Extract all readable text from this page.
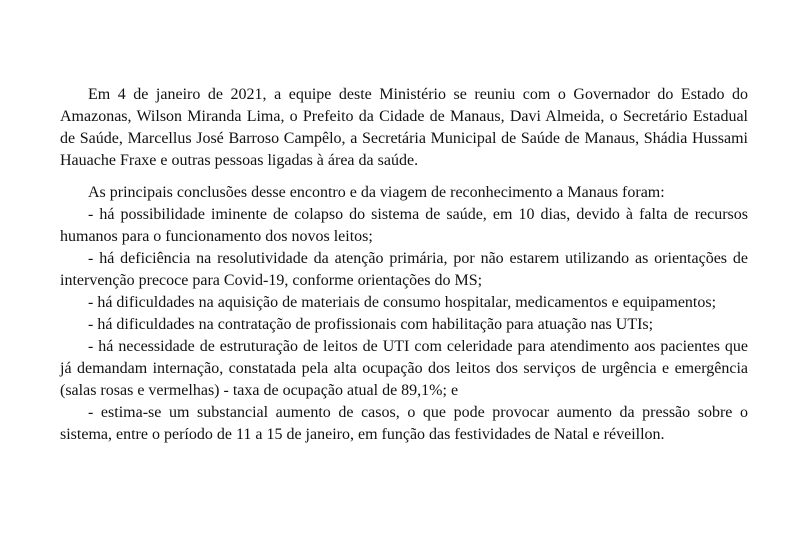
Em 4 de janeiro de 2021, a equipe deste Ministério se reuniu com o Governador do Estado do Amazonas, Wilson Miranda Lima, o Prefeito da Cidade de Manaus, Davi Almeida, o Secretário Estadual de Saúde, Marcellus José Barroso Campêlo, a Secretária Municipal de Saúde de Manaus, Shádia Hussami Hauache Fraxe e outras pessoas ligadas à área da saúde.

As principais conclusões desse encontro e da viagem de reconhecimento a Manaus foram:

- há possibilidade iminente de colapso do sistema de saúde, em 10 dias, devido à falta de recursos humanos para o funcionamento dos novos leitos;

- há deficiência na resolutividade da atenção primária, por não estarem utilizando as orientações de intervenção precoce para Covid-19, conforme orientações do MS;

- há dificuldades na aquisição de materiais de consumo hospitalar, medicamentos e equipamentos;

- há dificuldades na contratação de profissionais com habilitação para atuação nas UTIs;

- há necessidade de estruturação de leitos de UTI com celeridade para atendimento aos pacientes que já demandam internação, constatada pela alta ocupação dos leitos dos serviços de urgência e emergência (salas rosas e vermelhas) - taxa de ocupação atual de 89,1%; e

- estima-se um substancial aumento de casos, o que pode provocar aumento da pressão sobre o sistema, entre o período de 11 a 15 de janeiro, em função das festividades de Natal e réveillon.
